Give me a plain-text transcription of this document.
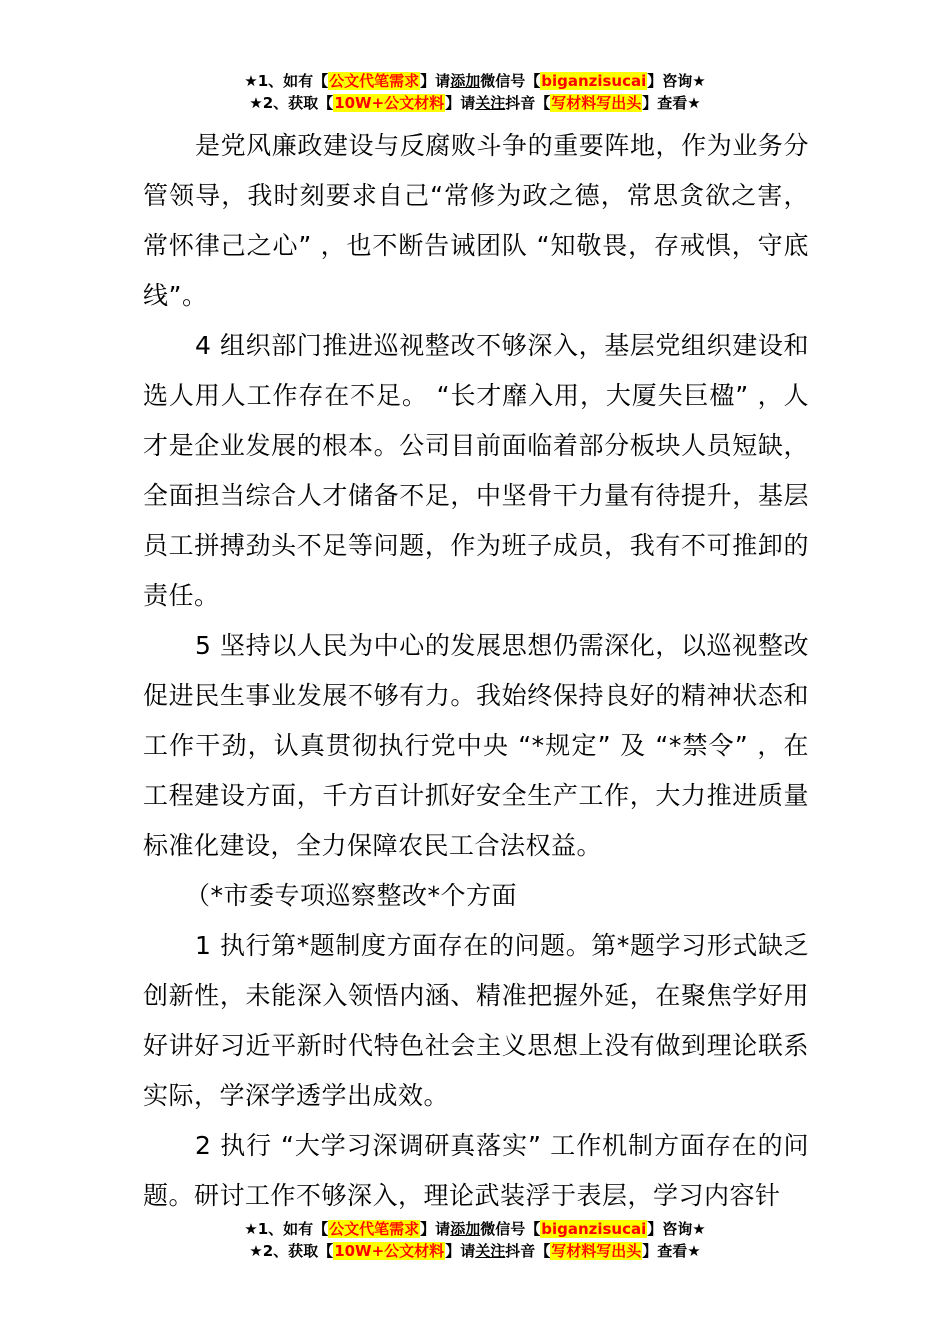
★1、如有【公文代笔需求】请添加微信号【biganzisucai】咨询★
★2、获取【10W+公文材料】请关注抖音【写材料写出头】查看★

是党风廉政建设与反腐败斗争的重要阵地，作为业务分管领导，我时刻要求自己“常修为政之德，常思贪欲之害，常怀律己之心” ，也不断告诫团队 “知敬畏，存戒惧，守底线”。

4 组织部门推进巡视整改不够深入，基层党组织建设和选人用人工作存在不足。 “长才靡入用，大厦失巨楹” ，人才是企业发展的根本。公司目前面临着部分板块人员短缺，全面担当综合人才储备不足，中坚骨干力量有待提升，基层员工拼搏劲头不足等问题，作为班子成员，我有不可推卸的责任。

5 坚持以人民为中心的发展思想仍需深化，以巡视整改促进民生事业发展不够有力。我始终保持良好的精神状态和工作干劲，认真贯彻执行党中央 “*规定” 及 “*禁令” ，在工程建设方面，千方百计抓好安全生产工作，大力推进质量标准化建设，全力保障农民工合法权益。

（*市委专项巡察整改*个方面

1 执行第*题制度方面存在的问题。第*题学习形式缺乏创新性，未能深入领悟内涵、精准把握外延，在聚焦学好用好讲好习近平新时代特色社会主义思想上没有做到理论联系实际，学深学透学出成效。

2 执行 “大学习深调研真落实” 工作机制方面存在的问题。研讨工作不够深入，理论武装浮于表层，学习内容针

★1、如有【公文代笔需求】请添加微信号【biganzisucai】咨询★
★2、获取【10W+公文材料】请关注抖音【写材料写出头】查看★
